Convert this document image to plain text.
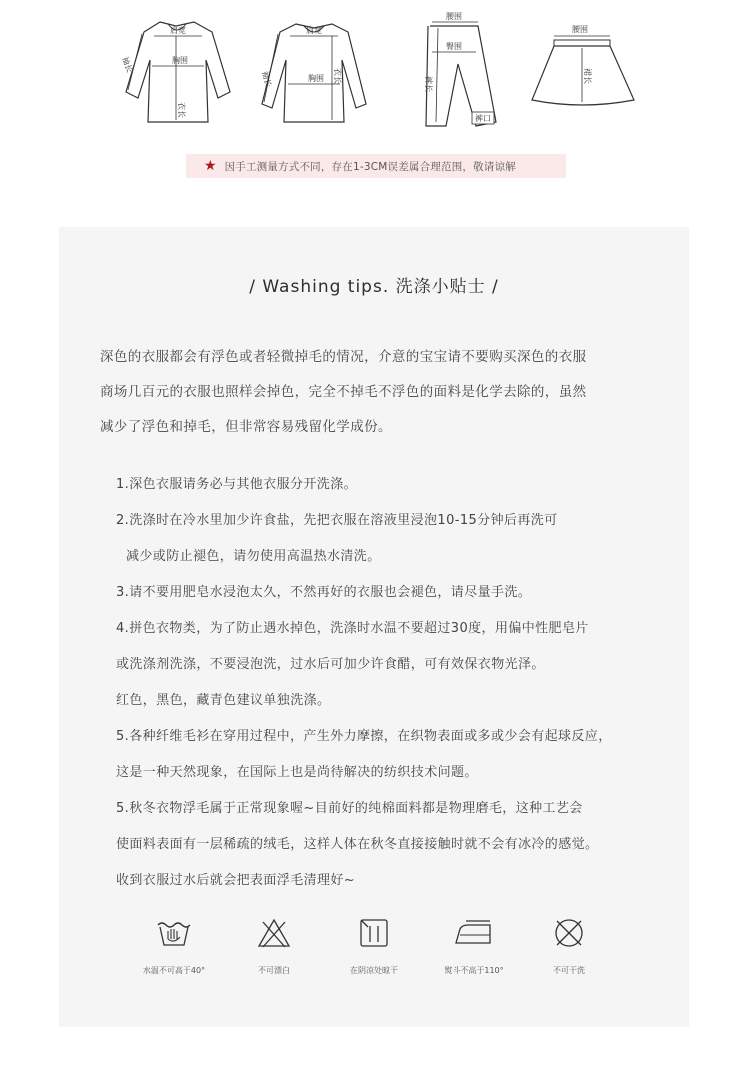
肩宽
胸围
衣长
袖长
肩宽
胸围 衣长
袖长
腰围
臀围
裤长
裤口
腰围
裙长
★ 因手工测量方式不同，存在1-3CM误差属合理范围，敬请谅解
/ Washing tips. 洗涤小贴士 /

深色的衣服都会有浮色或者轻微掉毛的情况，介意的宝宝请不要购买深色的衣服

商场几百元的衣服也照样会掉色，完全不掉毛不浮色的面料是化学去除的，虽然

减少了浮色和掉毛，但非常容易残留化学成份。

1.深色衣服请务必与其他衣服分开洗涤。

2.洗涤时在冷水里加少许食盐，先把衣服在溶液里浸泡10-15分钟后再洗可

减少或防止褪色，请勿使用高温热水清洗。

3.请不要用肥皂水浸泡太久，不然再好的衣服也会褪色，请尽量手洗。

4.拼色衣物类，为了防止遇水掉色，洗涤时水温不要超过30度，用偏中性肥皂片

或洗涤剂洗涤，不要浸泡洗，过水后可加少许食醋，可有效保衣物光泽。

红色，黑色，藏青色建议单独洗涤。

5.各种纤维毛衫在穿用过程中，产生外力摩擦，在织物表面或多或少会有起球反应，

这是一种天然现象，在国际上也是尚待解决的纺织技术问题。

5.秋冬衣物浮毛属于正常现象喔~目前好的纯棉面料都是物理磨毛，这种工艺会

使面料表面有一层稀疏的绒毛，这样人体在秋冬直接接触时就不会有冰冷的感觉。

收到衣服过水后就会把表面浮毛清理好~

水温不可高于40°	不可漂白	在阴凉处晾干	熨斗不高于110°	不可干洗
